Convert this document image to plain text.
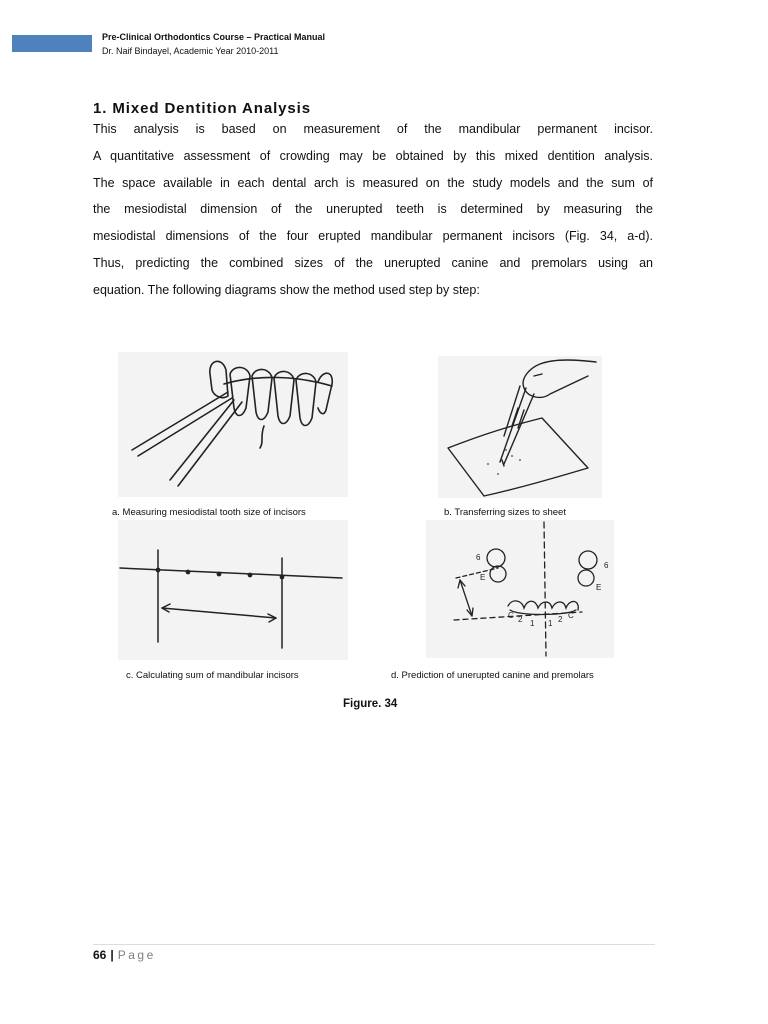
Pre-Clinical Orthodontics Course – Practical Manual
Dr. Naif Bindayel, Academic Year 2010-2011
1. Mixed Dentition Analysis
This analysis is based on measurement of the mandibular permanent incisor.
A quantitative assessment of crowding may be obtained by this mixed dentition analysis.
The space available in each dental arch is measured on the study models and the sum of
the mesiodistal dimension of the unerupted teeth is determined by measuring the
mesiodistal dimensions of the four erupted mandibular permanent incisors (Fig. 34, a-d).
Thus, predicting the combined sizes of the unerupted canine and premolars using an
equation. The following diagrams show the method used step by step:
6
E
6
E
C 2 1 1 2 C
a. Measuring mesiodistal tooth size of incisors	b. Transferring sizes to sheet
c. Calculating sum of mandibular incisors	d. Prediction of unerupted canine and premolars
Figure. 34
66 | Page
